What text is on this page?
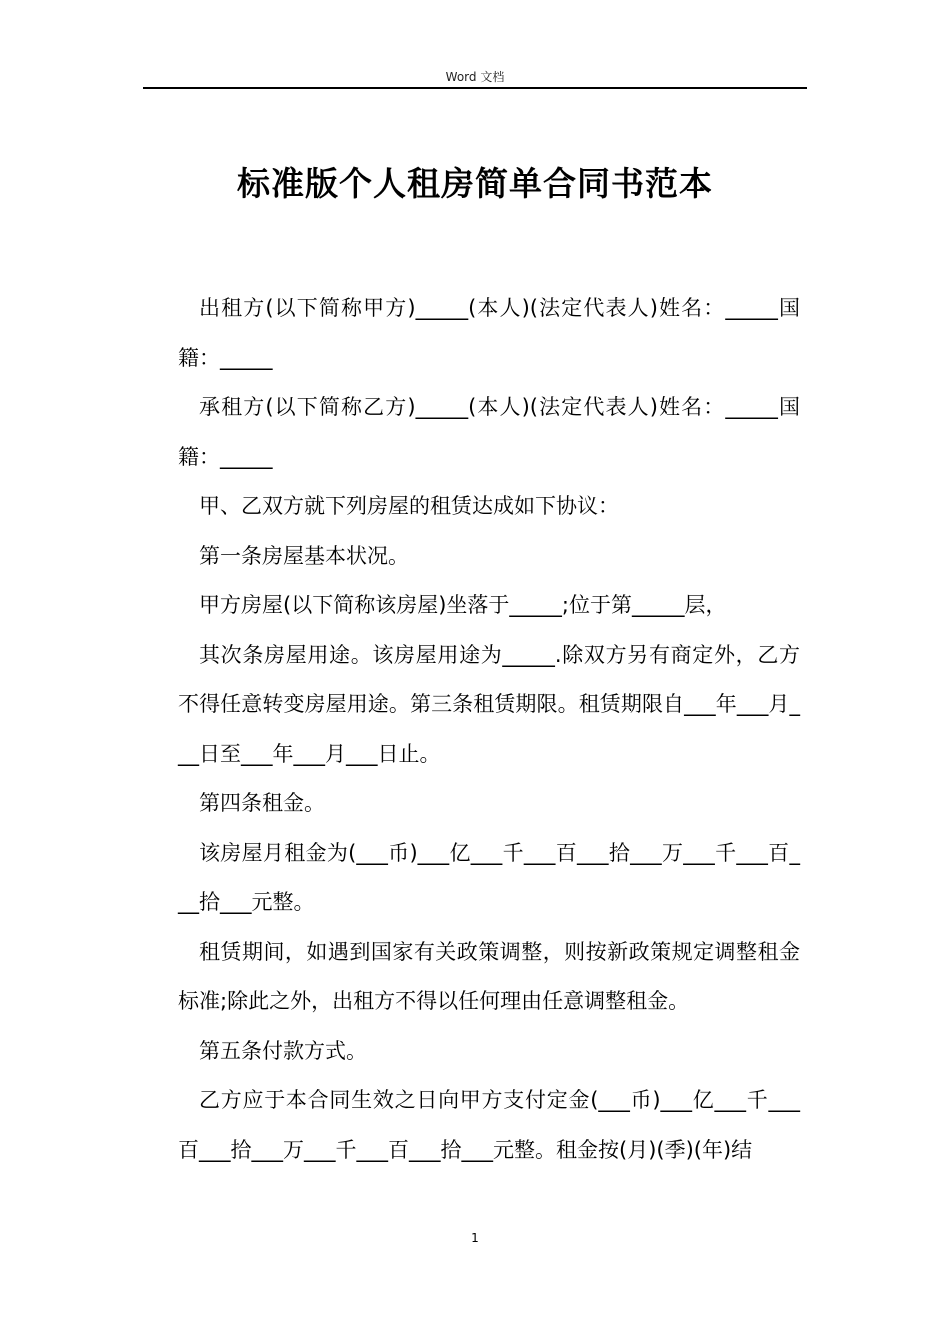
Word 文档
标准版个人租房简单合同书范本

出租方(以下简称甲方)_____(本人)(法定代表人)姓名：_____国籍：_____

承租方(以下简称乙方)_____(本人)(法定代表人)姓名：_____国籍：_____

甲、乙双方就下列房屋的租赁达成如下协议：

第一条房屋基本状况。

甲方房屋(以下简称该房屋)坐落于_____;位于第_____层，

其次条房屋用途。该房屋用途为_____.除双方另有商定外，乙方不得任意转变房屋用途。第三条租赁期限。租赁期限自___年___月___日至___年___月___日止。

第四条租金。

该房屋月租金为(___币)___亿___千___百___拾___万___千___百___拾___元整。

租赁期间，如遇到国家有关政策调整，则按新政策规定调整租金标准;除此之外，出租方不得以任何理由任意调整租金。

第五条付款方式。

乙方应于本合同生效之日向甲方支付定金(___币)___亿___千___百___拾___万___千___百___拾___元整。租金按(月)(季)(年)结

1
